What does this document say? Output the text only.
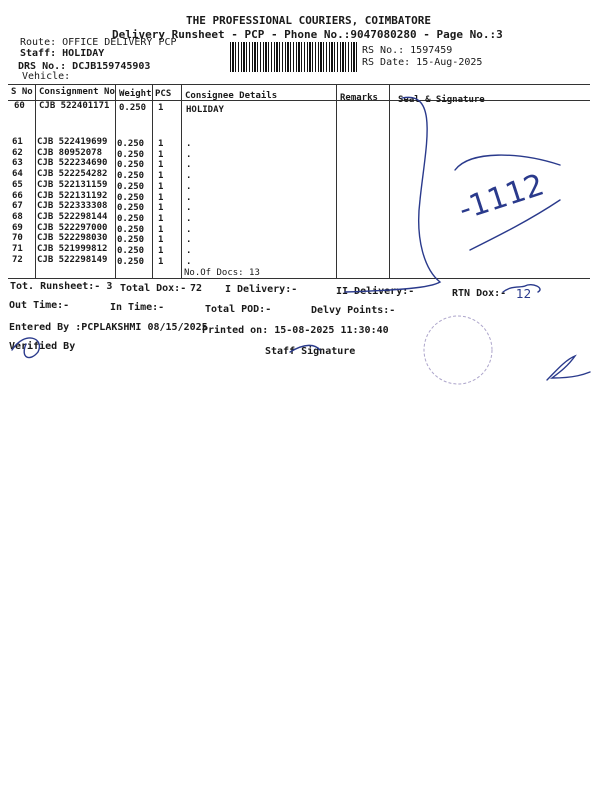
THE PROFESSIONAL COURIERS, COIMBATORE
Delivery Runsheet - PCP - Phone No.:9047080280 - Page No.:3
Route: OFFICE DELIVERY PCP
Staff: HOLIDAY
DRS No.: DCJB159745903
Vehicle:
RS No.: 1597459
RS Date: 15-Aug-2025
S No Consignment No Weight PCS Consignee Details	Remarks Seal & Signature
60 CJB 522401171 0.250 1	HOLIDAY
61 CJB 522419699 0.250 1	.
62 CJB 80952078 0.250 1	.
63 CJB 522234690 0.250 1	.
64 CJB 522254282 0.250 1	.
65 CJB 522131159 0.250 1	.
66 CJB 522131192 0.250 1	.
67 CJB 522333308 0.250 1	.
68 CJB 522298144 0.250 1	.
69 CJB 522297000 0.250 1	.
70 CJB 522298030 0.250 1	.
71 CJB 521999812 0.250 1	.
72 CJB 522298149 0.250 1	.
No.Of Docs: 13
Tot. Runsheet:- 3 Total Dox:- 72 I Delivery:-	II Delivery:-	RTN Dox:-
Out Time:-	In Time:-	Total POD:-	Delvy Points:-
Entered By :PCPLAKSHMI 08/15/2025
Printed on: 15-08-2025 11:30:40
Verified By	Staff Signature
-1112
12
